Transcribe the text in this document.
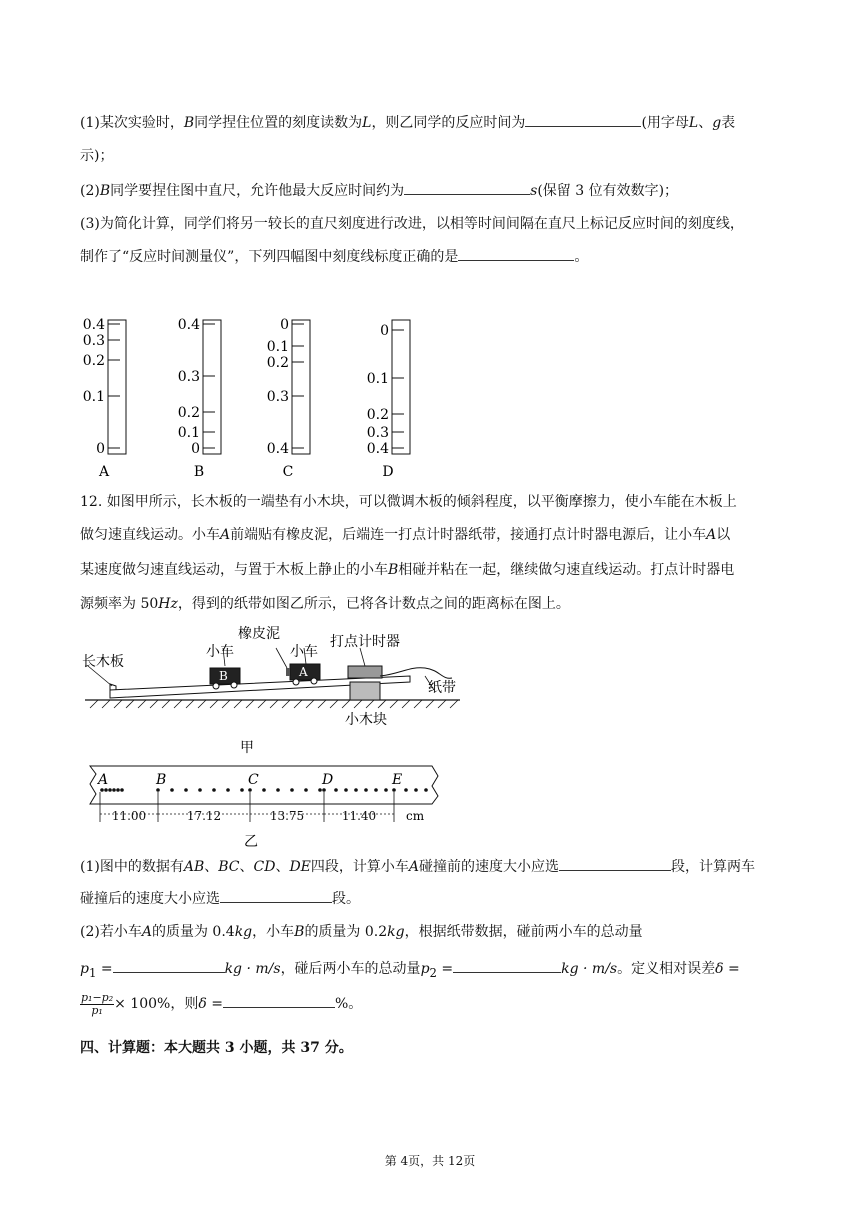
(1)某次实验时，B同学捏住位置的刻度读数为L，则乙同学的反应时间为	(用字母L、g表
示)；
(2)B同学要捏住图中直尺，允许他最大反应时间约为	s(保留 3 位有效数字)；
(3)为简化计算，同学们将另一较长的直尺刻度进行改进，以相等时间间隔在直尺上标记反应时间的刻度线，
制作了“反应时间测量仪”，下列四幅图中刻度线标度正确的是	。
0.4
0.3
0.2
0.1
0
A
0.4
0.3
0.2
0.1
0
B
0
0.1
0.2
0.3
0.4
C
0
0.1
0.2
0.3
0.4
D
12. 如图甲所示，长木板的一端垫有小木块，可以微调木板的倾斜程度，以平衡摩擦力，使小车能在木板上
做匀速直线运动。小车A前端贴有橡皮泥，后端连一打点计时器纸带，接通打点计时器电源后，让小车A以
某速度做匀速直线运动，与置于木板上静止的小车B相碰并粘在一起，继续做匀速直线运动。打点计时器电
源频率为 50Hz，得到的纸带如图乙所示，已将各计数点之间的距离标在图上。
长木板
小车
B
橡皮泥
小车
A
打点计时器
纸带
小木块
甲
A	B	C	D	E
11.00	17.12	13.75	11.40 cm
乙
(1)图中的数据有AB、BC、CD、DE四段，计算小车A碰撞前的速度大小应选	段，计算两车
碰撞后的速度大小应选	段。
(2)若小车A的质量为 0.4kg，小车B的质量为 0.2kg，根据纸带数据，碰前两小车的总动量
$p_1$ =	kg · m/s，碰后两小车的总动量$p_2$ =	kg · m/s。定义相对误差δ =
$\frac{\text{p₁−p₂}}{\text{p₁}} \times 100\%$，则δ =	%。
四、计算题：本大题共 3 小题，共 37 分。
第 4页，共 12页
